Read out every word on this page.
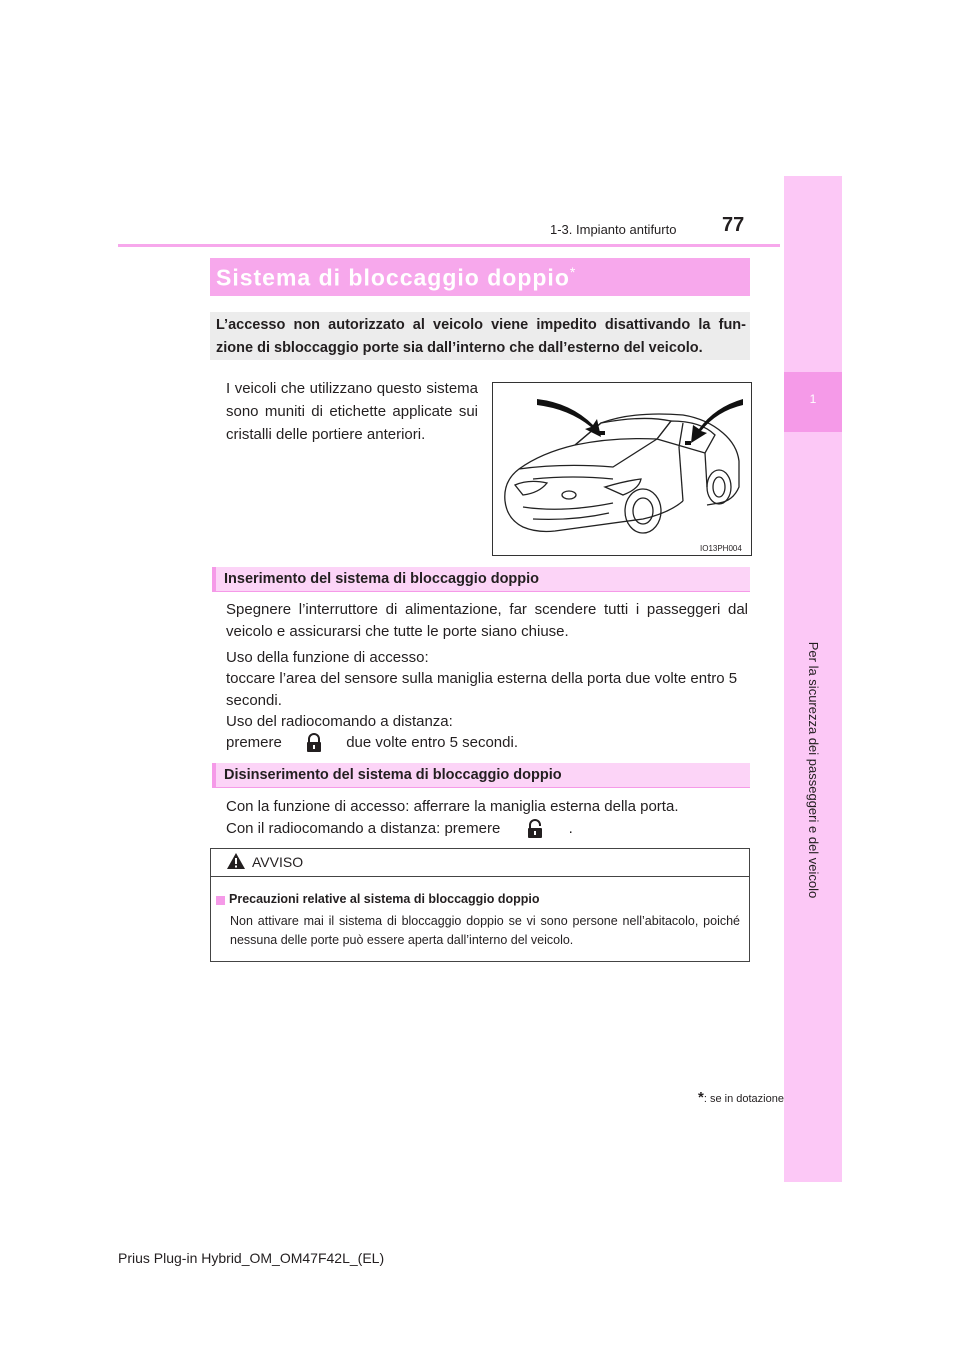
1-3. Impianto antifurto 77
1
Per la sicurezza dei passeggeri e del veicolo
Sistema di bloccaggio doppio*
L’accesso non autorizzato al veicolo viene impedito disattivando la fun-
zione di sbloccaggio porte sia dall’interno che dall’esterno del veicolo.
I veicoli che utilizzano questo sistema sono muniti di etichette applicate sui cristalli delle portiere anteriori.
IO13PH004
Inserimento del sistema di bloccaggio doppio
Spegnere l’interruttore di alimentazione, far scendere tutti i passeggeri dal veicolo e assicurarsi che tutte le porte siano chiuse.
Uso della funzione di accesso:
toccare l’area del sensore sulla maniglia esterna della porta due volte entro 5 secondi.
Uso del radiocomando a distanza:
premere	due volte entro 5 secondi.
Disinserimento del sistema di bloccaggio doppio
Con la funzione di accesso: afferrare la maniglia esterna della porta.
Con il radiocomando a distanza: premere	.
AVVISO
Precauzioni relative al sistema di bloccaggio doppio
Non attivare mai il sistema di bloccaggio doppio se vi sono persone nell’abitacolo, poiché nessuna delle porte può essere aperta dall’interno del veicolo.
*: se in dotazione
Prius Plug-in Hybrid_OM_OM47F42L_(EL)
